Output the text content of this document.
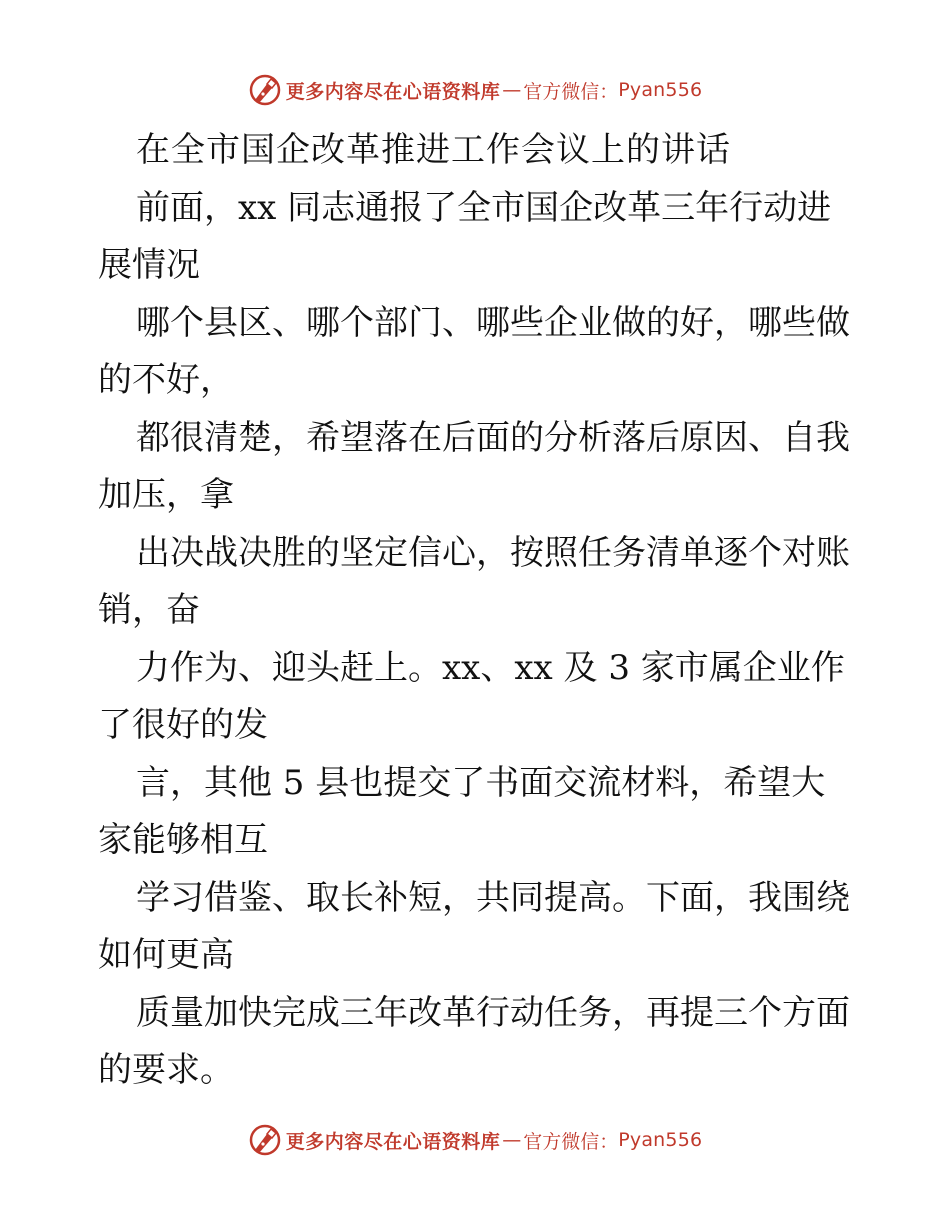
更多内容尽在心语资料库 — 官方微信： Pyan556
在全市国企改革推进工作会议上的讲话
前面，xx 同志通报了全市国企改革三年行动进
展情况
哪个县区、哪个部门、哪些企业做的好，哪些做
的不好，
都很清楚，希望落在后面的分析落后原因、自我
加压，拿
出决战决胜的坚定信心，按照任务清单逐个对账
销，奋
力作为、迎头赶上。xx、xx 及 3 家市属企业作
了很好的发
言，其他 5 县也提交了书面交流材料，希望大
家能够相互
学习借鉴、取长补短，共同提高。下面，我围绕
如何更高
质量加快完成三年改革行动任务，再提三个方面
的要求。
更多内容尽在心语资料库 — 官方微信： Pyan556
